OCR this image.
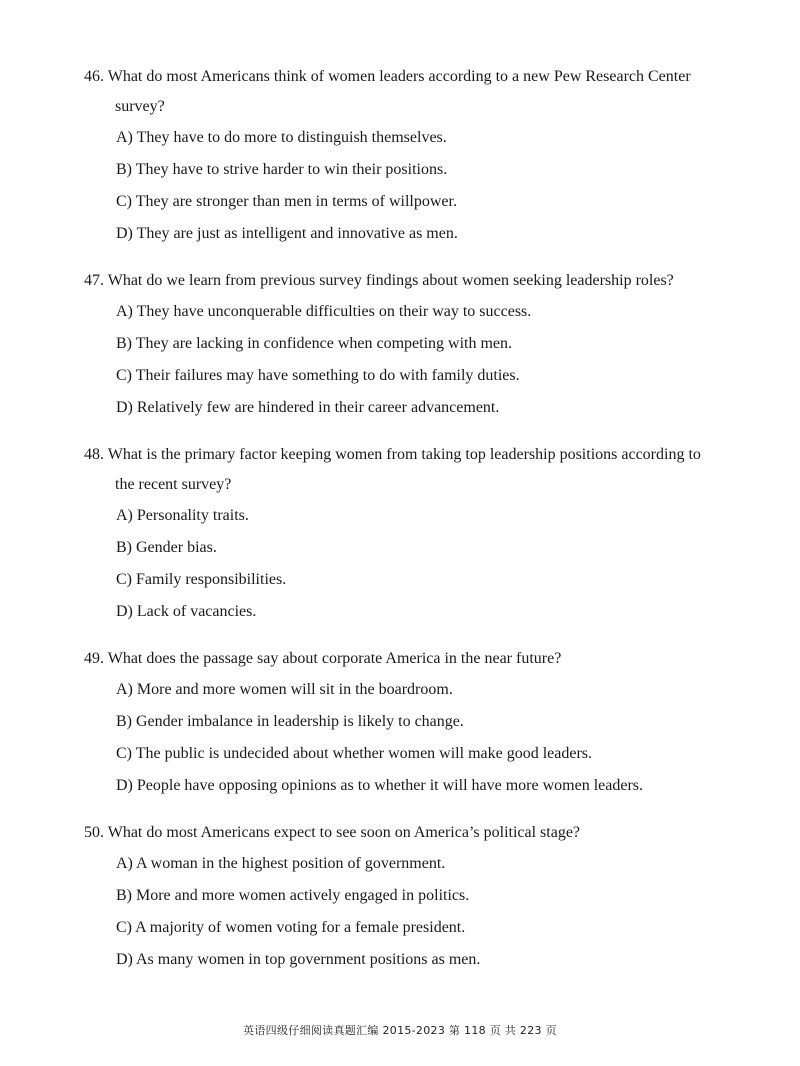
46. What do most Americans think of women leaders according to a new Pew Research Center survey?

A) They have to do more to distinguish themselves.

B) They have to strive harder to win their positions.

C) They are stronger than men in terms of willpower.

D) They are just as intelligent and innovative as men.

47. What do we learn from previous survey findings about women seeking leadership roles?

A) They have unconquerable difficulties on their way to success.

B) They are lacking in confidence when competing with men.

C) Their failures may have something to do with family duties.

D) Relatively few are hindered in their career advancement.

48. What is the primary factor keeping women from taking top leadership positions according to the recent survey?

A) Personality traits.

B) Gender bias.

C) Family responsibilities.

D) Lack of vacancies.

49. What does the passage say about corporate America in the near future?

A) More and more women will sit in the boardroom.

B) Gender imbalance in leadership is likely to change.

C) The public is undecided about whether women will make good leaders.

D) People have opposing opinions as to whether it will have more women leaders.

50. What do most Americans expect to see soon on America’s political stage?

A) A woman in the highest position of government.

B) More and more women actively engaged in politics.

C) A majority of women voting for a female president.

D) As many women in top government positions as men.

英语四级仔细阅读真题汇编 2015-2023 第 118 页 共 223 页
